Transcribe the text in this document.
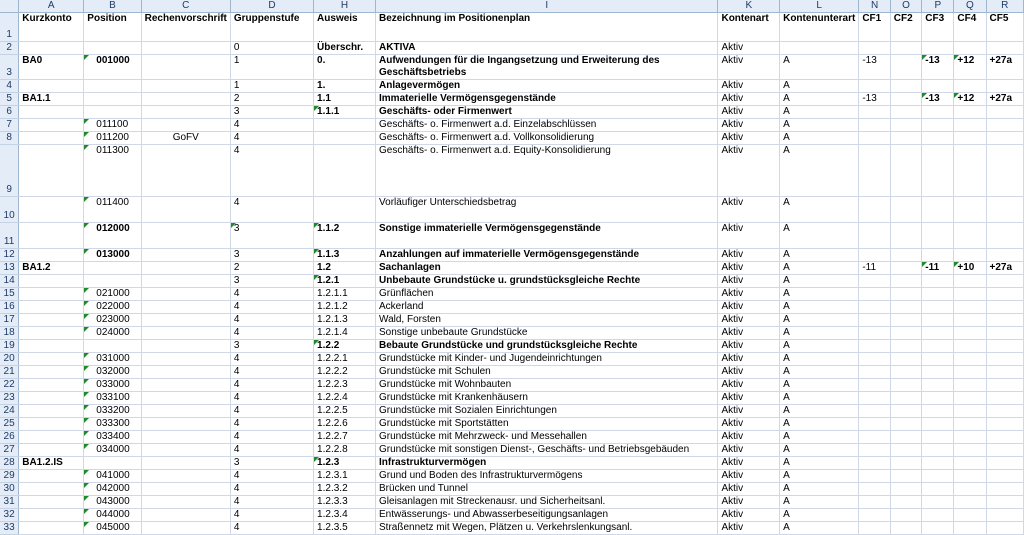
	A	B	C	D	H	I	K	L	N	O	P	Q	R
1	Kurzkonto	Position	Rechenvorschrift	Gruppenstufe	Ausweis	Bezeichnung im Positionenplan	Kontenart	Kontenunterart	CF1	CF2	CF3	CF4	CF5
2				0	Überschr.	AKTIVA	Aktiv						
3	BA0	001000		1	0.	Aufwendungen für die Ingangsetzung und Erweiterung des Geschäftsbetriebs	Aktiv	A	-13		-13	+12	+27a
4				1	1.	Anlagevermögen	Aktiv	A					
5	BA1.1			2	1.1	Immaterielle Vermögensgegenstände	Aktiv	A	-13		-13	+12	+27a
6				3	1.1.1	Geschäfts- oder Firmenwert	Aktiv	A					
7		011100		4		Geschäfts- o. Firmenwert a.d. Einzelabschlüssen	Aktiv	A					
8		011200	GoFV	4		Geschäfts- o. Firmenwert a.d. Vollkonsolidierung	Aktiv	A					
9		011300		4		Geschäfts- o. Firmenwert a.d. Equity-Konsolidierung	Aktiv	A					
10		011400		4		Vorläufiger Unterschiedsbetrag	Aktiv	A					
11		012000		3	1.1.2	Sonstige immaterielle Vermögensgegenstände	Aktiv	A					
12		013000		3	1.1.3	Anzahlungen auf immaterielle Vermögensgegenstände	Aktiv	A					
13	BA1.2			2	1.2	Sachanlagen	Aktiv	A	-11		-11	+10	+27a
14				3	1.2.1	Unbebaute Grundstücke u. grundstücksgleiche Rechte	Aktiv	A					
15		021000		4	1.2.1.1	Grünflächen	Aktiv	A					
16		022000		4	1.2.1.2	Ackerland	Aktiv	A					
17		023000		4	1.2.1.3	Wald, Forsten	Aktiv	A					
18		024000		4	1.2.1.4	Sonstige unbebaute Grundstücke	Aktiv	A					
19				3	1.2.2	Bebaute Grundstücke und grundstücksgleiche Rechte	Aktiv	A					
20		031000		4	1.2.2.1	Grundstücke mit Kinder- und Jugendeinrichtungen	Aktiv	A					
21		032000		4	1.2.2.2	Grundstücke mit Schulen	Aktiv	A					
22		033000		4	1.2.2.3	Grundstücke mit Wohnbauten	Aktiv	A					
23		033100		4	1.2.2.4	Grundstücke mit Krankenhäusern	Aktiv	A					
24		033200		4	1.2.2.5	Grundstücke mit Sozialen Einrichtungen	Aktiv	A					
25		033300		4	1.2.2.6	Grundstücke mit Sportstätten	Aktiv	A					
26		033400		4	1.2.2.7	Grundstücke mit Mehrzweck- und Messehallen	Aktiv	A					
27		034000		4	1.2.2.8	Grundstücke mit sonstigen Dienst-, Geschäfts- und Betriebsgebäuden	Aktiv	A					
28	BA1.2.IS			3	1.2.3	Infrastrukturvermögen	Aktiv	A					
29		041000		4	1.2.3.1	Grund und Boden des Infrastrukturvermögens	Aktiv	A					
30		042000		4	1.2.3.2	Brücken und Tunnel	Aktiv	A					
31		043000		4	1.2.3.3	Gleisanlagen mit Streckenausr. und Sicherheitsanl.	Aktiv	A					
32		044000		4	1.2.3.4	Entwässerungs- und Abwasserbeseitigungsanlagen	Aktiv	A					
33		045000		4	1.2.3.5	Straßennetz mit Wegen, Plätzen u. Verkehrslenkungsanl.	Aktiv	A					
